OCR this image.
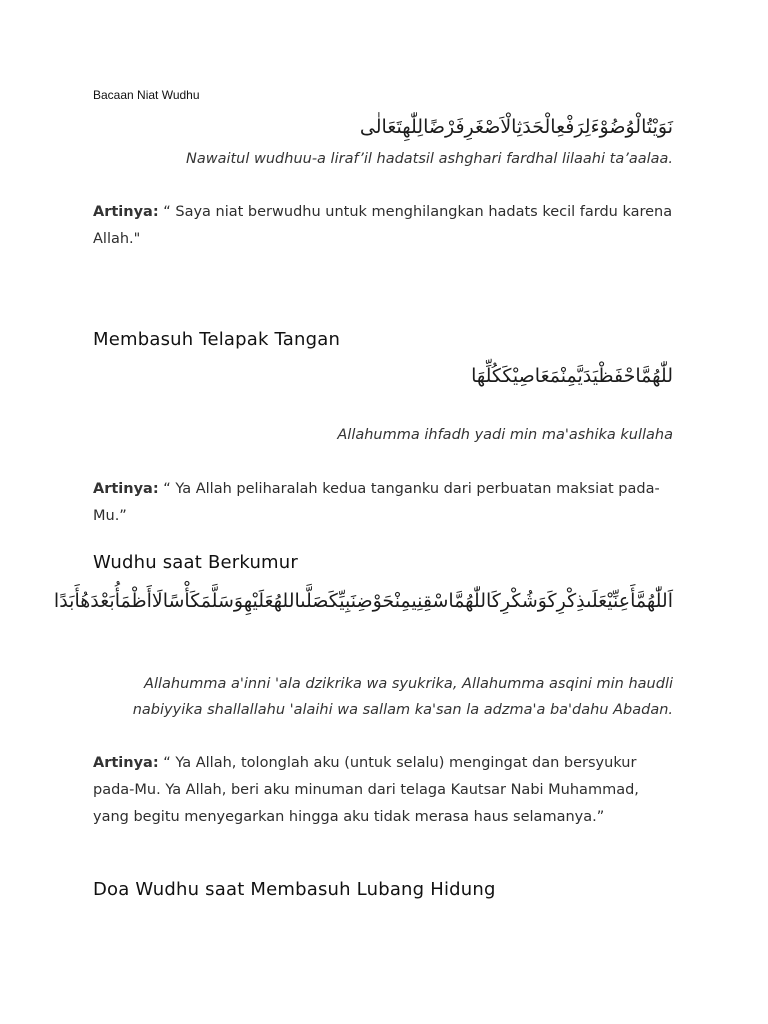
Bacaan Niat Wudhu
نَوَيْتُالْوُضُوْءَلِرَفْعِالْحَدَثِالْاَصْغَرِفَرْضًالِلّٰهِتَعَالٰى
Nawaitul wudhuu-a liraf’il hadatsil ashghari fardhal lilaahi ta’aalaa.
Artinya: “ Saya niat berwudhu untuk menghilangkan hadats kecil fardu karena Allah."
Membasuh Telapak Tangan
للّٰهُمَّاحْفَظْيَدَيَّمِنْمَعَاصِيْكَكُلِّهَا
Allahumma ihfadh yadi min ma'ashika kullaha
Artinya: “ Ya Allah peliharalah kedua tanganku dari perbuatan maksiat pada-Mu.”
Wudhu saat Berkumur
اَللّٰهُمَّأَعِنِّيْعَلَىذِكْرِكَوَشُكْرِكَاللّٰهُمَّاسْقِنِيمِنْحَوْضِنَبِيِّكَصَلَّىاللهُعَلَيْهِوَسَلَّمَكَأْسًالَاأَظْمَأُبَعْدَهُأَبَدًا
Allahumma a'inni 'ala dzikrika wa syukrika, Allahumma asqini min haudli nabiyyika shallallahu 'alaihi wa sallam ka'san la adzma'a ba'dahu Abadan.
Artinya: “ Ya Allah, tolonglah aku (untuk selalu) mengingat dan bersyukur pada-Mu. Ya Allah, beri aku minuman dari telaga Kautsar Nabi Muhammad, yang begitu menyegarkan hingga aku tidak merasa haus selamanya.”
Doa Wudhu saat Membasuh Lubang Hidung
